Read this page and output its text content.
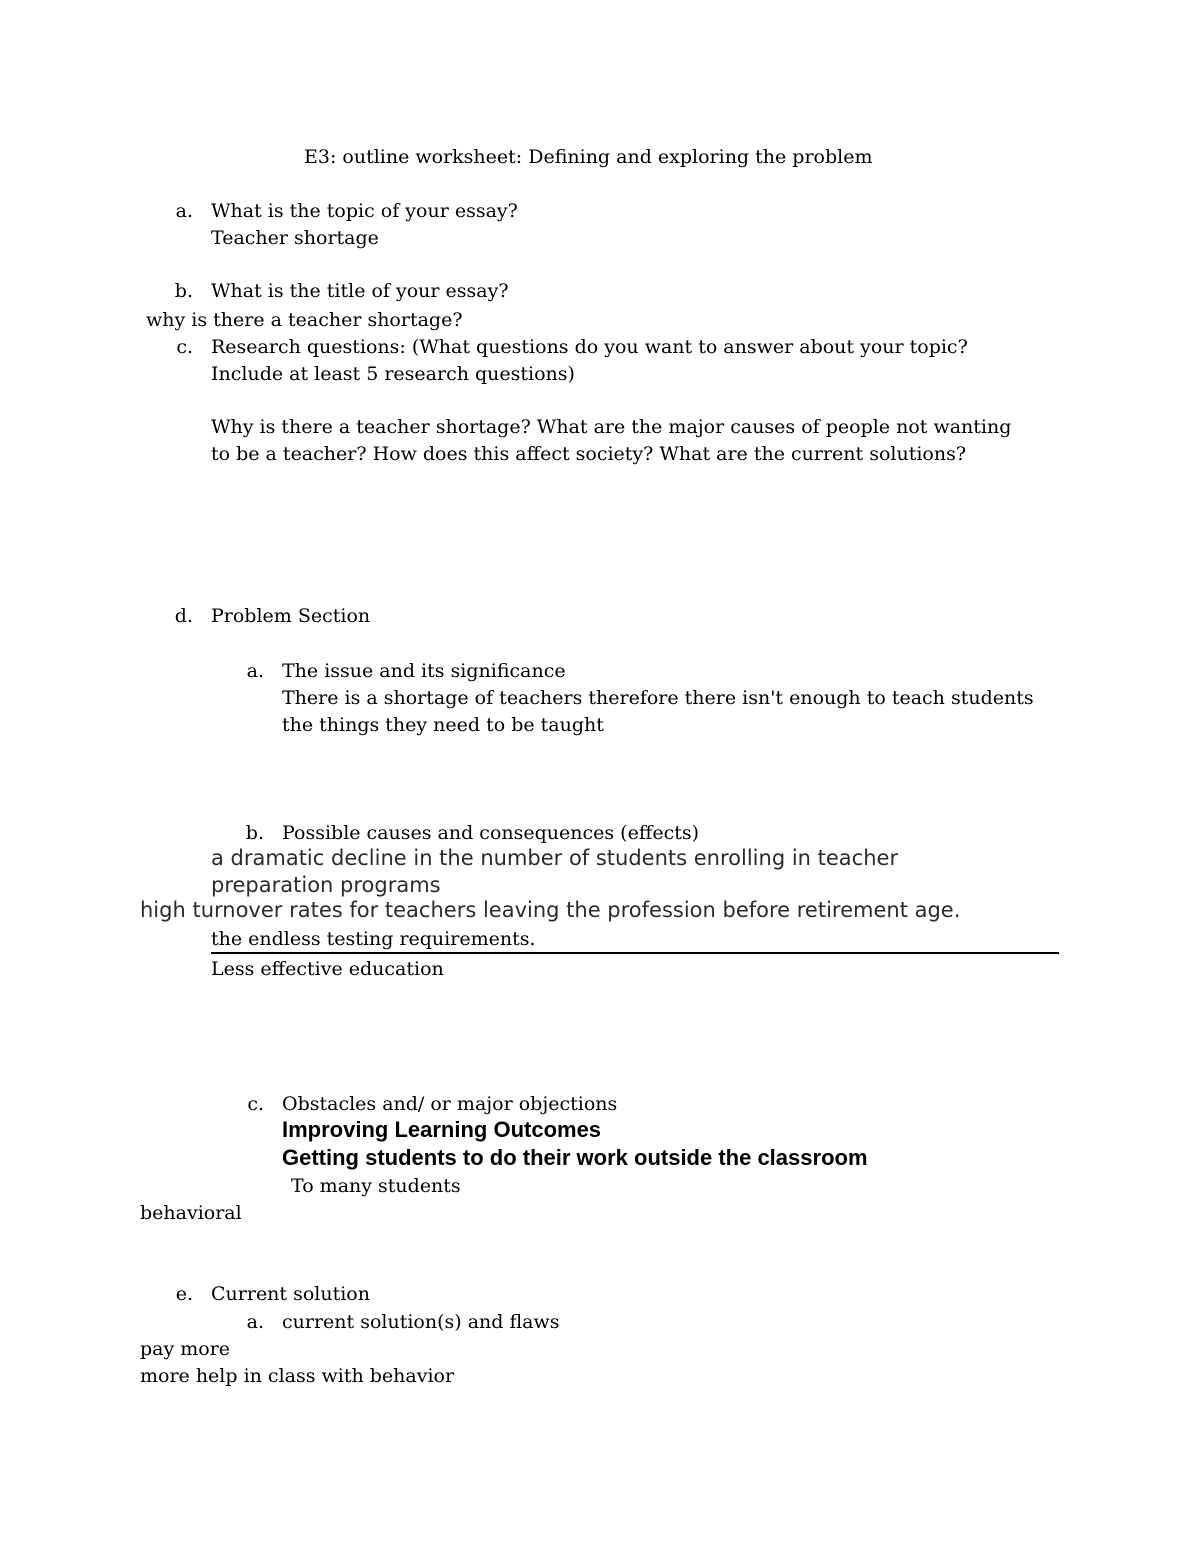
E3: outline worksheet: Defining and exploring the problem
a. What is the topic of your essay?
Teacher shortage
b. What is the title of your essay?
why is there a teacher shortage?
c. Research questions: (What questions do you want to answer about your topic?
Include at least 5 research questions)
Why is there a teacher shortage? What are the major causes of people not wanting
to be a teacher? How does this affect society? What are the current solutions?
d. Problem Section
a. The issue and its significance
There is a shortage of teachers therefore there isn't enough to teach students
the things they need to be taught
b. Possible causes and consequences (effects)
a dramatic decline in the number of students enrolling in teacher
preparation programs
high turnover rates for teachers leaving the profession before retirement age.
the endless testing requirements.
Less effective education
c. Obstacles and/ or major objections
Improving Learning Outcomes
Getting students to do their work outside the classroom
To many students
behavioral
e. Current solution
a. current solution(s) and flaws
pay more
more help in class with behavior
